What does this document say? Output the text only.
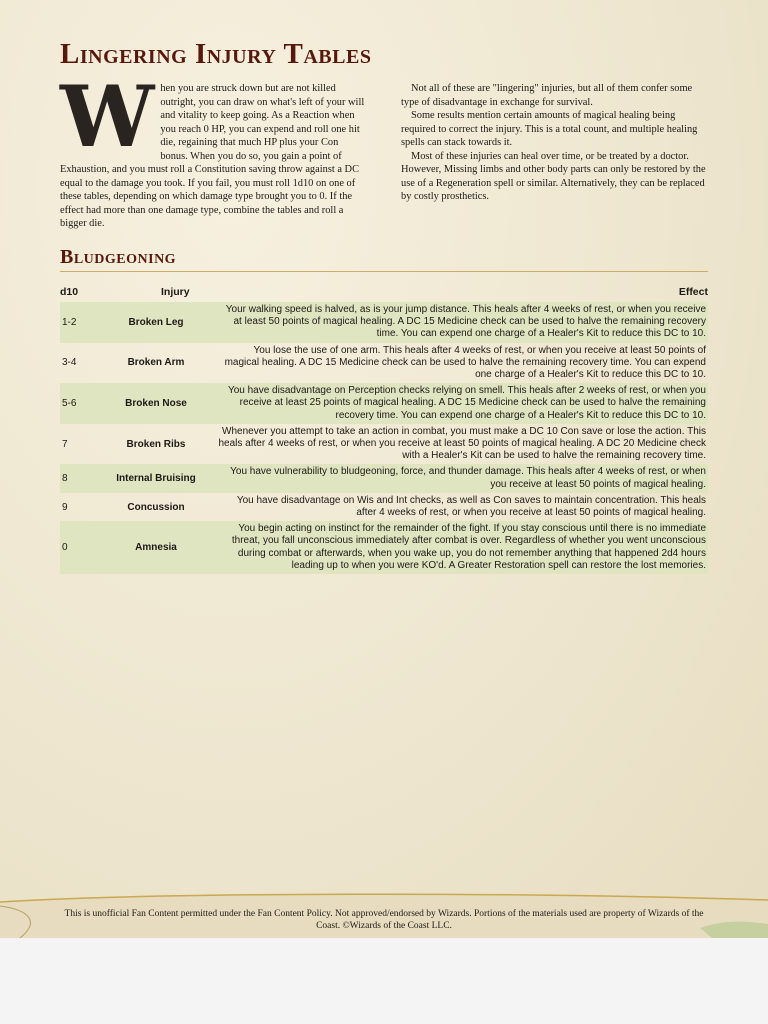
Lingering Injury Tables

When you are struck down but are not killed outright, you can draw on what's left of your will and vitality to keep going. As a Reaction when you reach 0 HP, you can expend and roll one hit die, regaining that much HP plus your Con bonus. When you do so, you gain a point of Exhaustion, and you must roll a Constitution saving throw against a DC equal to the damage you took. If you fail, you must roll 1d10 on one of these tables, depending on which damage type brought you to 0. If the effect had more than one damage type, combine the tables and roll a bigger die.

Not all of these are "lingering" injuries, but all of them confer some type of disadvantage in exchange for survival.

Some results mention certain amounts of magical healing being required to correct the injury. This is a total count, and multiple healing spells can stack towards it.

Most of these injuries can heal over time, or be treated by a doctor. However, Missing limbs and other body parts can only be restored by the use of a Regeneration spell or similar. Alternatively, they can be replaced by costly prosthetics.

Bludgeoning
d10	Injury	Effect
1-2	Broken Leg	Your walking speed is halved, as is your jump distance. This heals after 4 weeks of rest, or when you receive at least 50 points of magical healing. A DC 15 Medicine check can be used to halve the remaining recovery time. You can expend one charge of a Healer's Kit to reduce this DC to 10.
3-4	Broken Arm	You lose the use of one arm. This heals after 4 weeks of rest, or when you receive at least 50 points of magical healing. A DC 15 Medicine check can be used to halve the remaining recovery time. You can expend one charge of a Healer's Kit to reduce this DC to 10.
5-6	Broken Nose	You have disadvantage on Perception checks relying on smell. This heals after 2 weeks of rest, or when you receive at least 25 points of magical healing. A DC 15 Medicine check can be used to halve the remaining recovery time. You can expend one charge of a Healer's Kit to reduce this DC to 10.
7	Broken Ribs	Whenever you attempt to take an action in combat, you must make a DC 10 Con save or lose the action. This heals after 4 weeks of rest, or when you receive at least 50 points of magical healing. A DC 20 Medicine check with a Healer's Kit can be used to halve the remaining recovery time.
8	Internal Bruising	You have vulnerability to bludgeoning, force, and thunder damage. This heals after 4 weeks of rest, or when you receive at least 50 points of magical healing.
9	Concussion	You have disadvantage on Wis and Int checks, as well as Con saves to maintain concentration. This heals after 4 weeks of rest, or when you receive at least 50 points of magical healing.
0	Amnesia	You begin acting on instinct for the remainder of the fight. If you stay conscious until there is no immediate threat, you fall unconscious immediately after combat is over. Regardless of whether you went unconscious during combat or afterwards, when you wake up, you do not remember anything that happened 2d4 hours leading up to when you were KO'd. A Greater Restoration spell can restore the lost memories.

This is unofficial Fan Content permitted under the Fan Content Policy. Not approved/endorsed by Wizards. Portions of the materials used are property of Wizards of the Coast. ©Wizards of the Coast LLC.
